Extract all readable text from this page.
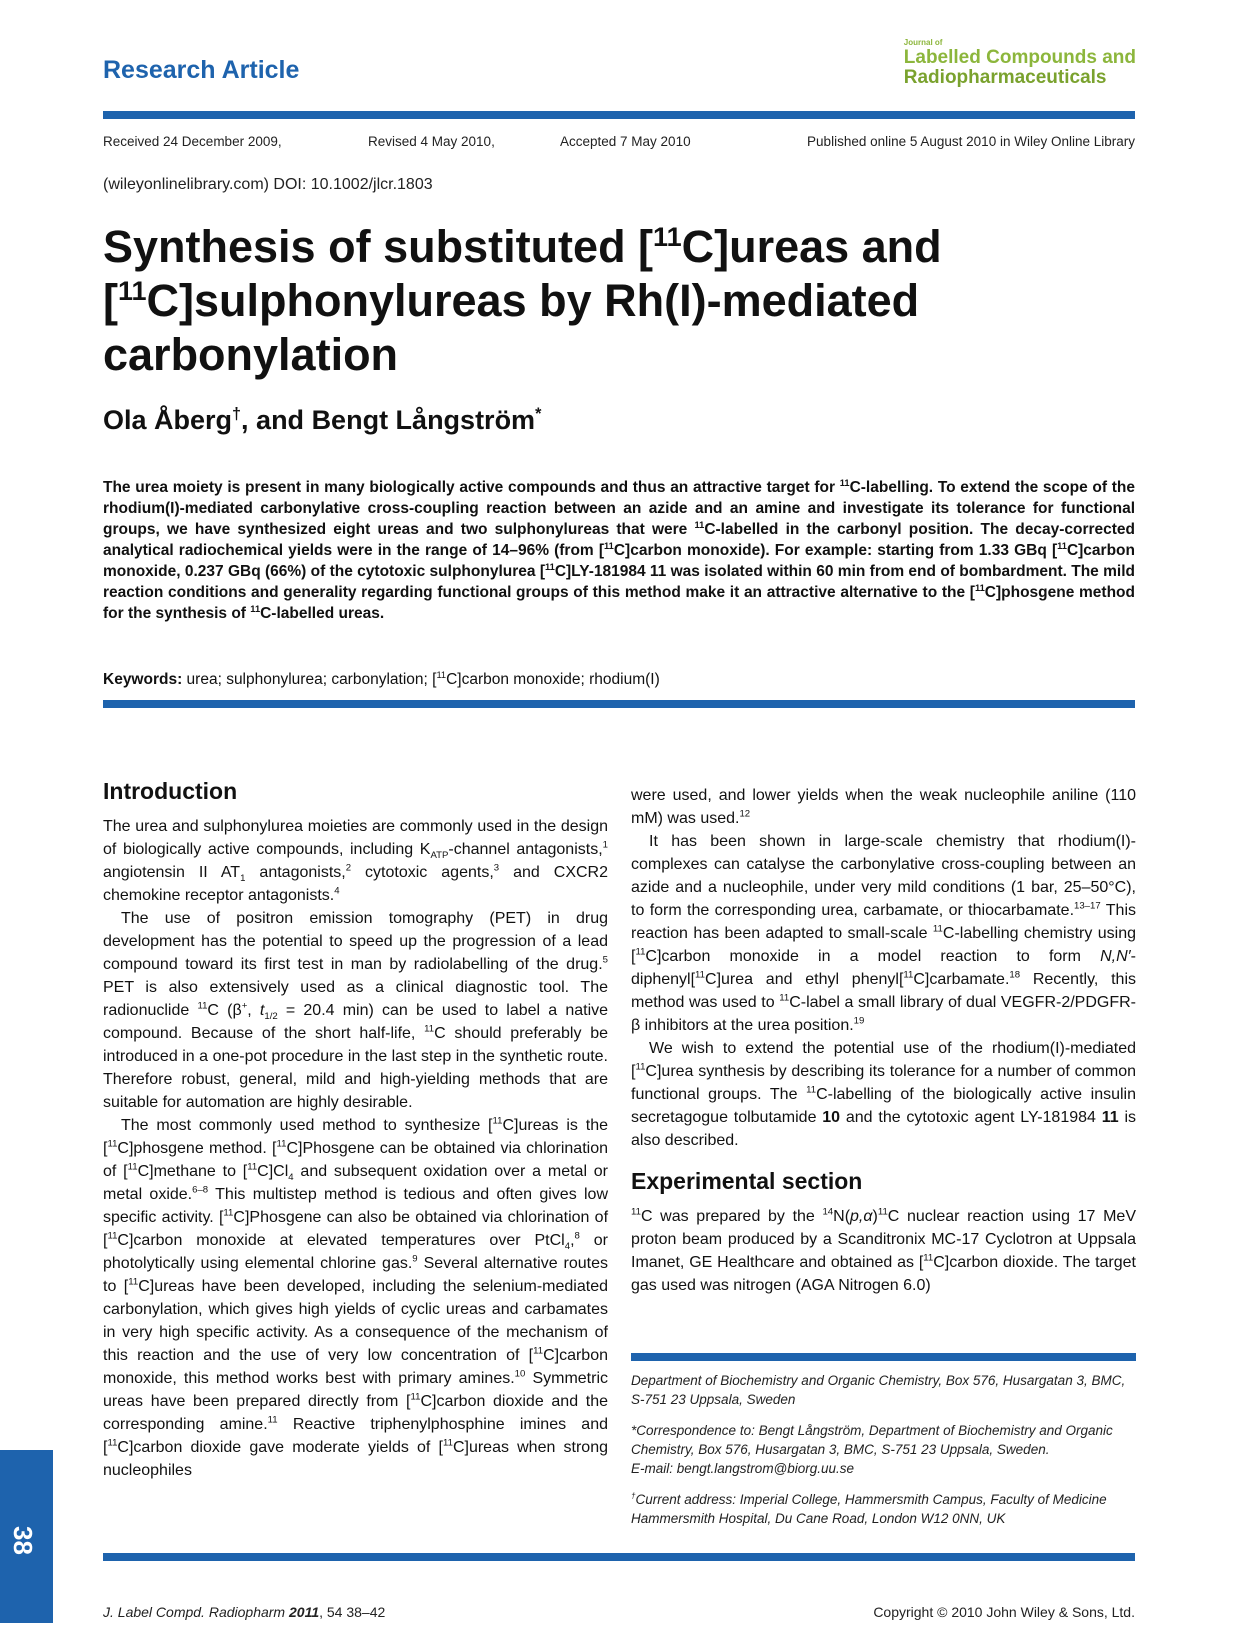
Research Article
Journal of
Labelled Compounds and
Radiopharmaceuticals
Received 24 December 2009,	Revised 4 May 2010,	Accepted 7 May 2010	Published online 5 August 2010 in Wiley Online Library
(wileyonlinelibrary.com) DOI: 10.1002/jlcr.1803
Synthesis of substituted [$^{11}$C]ureas and
[$^{11}$C]sulphonylureas by Rh(I)-mediated carbonylation
Ola Åberg†, and Bengt Långström*
The urea moiety is present in many biologically active compounds and thus an attractive target for $^{11}$C-labelling. To extend the scope of the rhodium(I)-mediated carbonylative cross-coupling reaction between an azide and an amine and investigate its tolerance for functional groups, we have synthesized eight ureas and two sulphonylureas that were $^{11}$C-labelled in the carbonyl position. The decay-corrected analytical radiochemical yields were in the range of 14–96% (from [$^{11}$C]carbon monoxide). For example: starting from 1.33 GBq [$^{11}$C]carbon monoxide, 0.237 GBq (66%) of the cytotoxic sulphonylurea [$^{11}$C]LY-181984 11 was isolated within 60 min from end of bombardment. The mild reaction conditions and generality regarding functional groups of this method make it an attractive alternative to the [$^{11}$C]phosgene method for the synthesis of $^{11}$C-labelled ureas.
Keywords: urea; sulphonylurea; carbonylation; [$^{11}$C]carbon monoxide; rhodium(I)
Introduction

The urea and sulphonylurea moieties are commonly used in the design of biologically active compounds, including $K_{ATP}$-channel antagonists,$^1$ angiotensin II $AT_1$ antagonists,$^2$ cytotoxic agents,$^3$ and CXCR2 chemokine receptor antagonists.$^4$

The use of positron emission tomography (PET) in drug development has the potential to speed up the progression of a lead compound toward its first test in man by radiolabelling of the drug.$^5$ PET is also extensively used as a clinical diagnostic tool. The radionuclide $^{11}$C (β+, $t_{1/2} = 20.4$ min) can be used to label a native compound. Because of the short half-life, $^{11}$C should preferably be introduced in a one-pot procedure in the last step in the synthetic route. Therefore robust, general, mild and high-yielding methods that are suitable for automation are highly desirable.

The most commonly used method to synthesize [$^{11}$C]ureas is the [$^{11}$C]phosgene method. [$^{11}$C]Phosgene can be obtained via chlorination of [$^{11}$C]methane to $[^{11}C]Cl_4$ and subsequent oxidation over a metal or metal oxide.$^{6-8}$ This multistep method is tedious and often gives low specific activity. [$^{11}$C]Phosgene can also be obtained via chlorination of [$^{11}$C]carbon monoxide at elevated temperatures over PtCl$_4$,$^8$ or photolytically using elemental chlorine gas.$^9$ Several alternative routes to [$^{11}$C]ureas have been developed, including the selenium-mediated carbonylation, which gives high yields of cyclic ureas and carbamates in very high specific activity. As a consequence of the mechanism of this reaction and the use of very low concentration of [$^{11}$C]carbon monoxide, this method works best with primary amines.$^{10}$ Symmetric ureas have been prepared directly from [$^{11}$C]carbon dioxide and the corresponding amine.$^{11}$ Reactive triphenylphosphine imines and [$^{11}$C]carbon dioxide gave moderate yields of [$^{11}$C]ureas when strong nucleophiles

were used, and lower yields when the weak nucleophile aniline (110 mM) was used.$^{12}$

It has been shown in large-scale chemistry that rhodium(I)-complexes can catalyse the carbonylative cross-coupling between an azide and a nucleophile, under very mild conditions (1 bar, 25–50°C), to form the corresponding urea, carbamate, or thiocarbamate.$^{13-17}$ This reaction has been adapted to small-scale $^{11}$C-labelling chemistry using [$^{11}$C]carbon monoxide in a model reaction to form N,N′-diphenyl[$^{11}$C]urea and ethyl phenyl[$^{11}$C]carbamate.$^{18}$ Recently, this method was used to $^{11}$C-label a small library of dual VEGFR-2/PDGFR-β inhibitors at the urea position.$^{19}$

We wish to extend the potential use of the rhodium(I)-mediated [$^{11}$C]urea synthesis by describing its tolerance for a number of common functional groups. The $^{11}$C-labelling of the biologically active insulin secretagogue tolbutamide 10 and the cytotoxic agent LY-181984 11 is also described.

Experimental section

$^{11}$C was prepared by the $^{14}N(p,\alpha)^{11}C$ nuclear reaction using 17 MeV proton beam produced by a Scanditronix MC-17 Cyclotron at Uppsala Imanet, GE Healthcare and obtained as [$^{11}$C]carbon dioxide. The target gas used was nitrogen (AGA Nitrogen 6.0)

Department of Biochemistry and Organic Chemistry, Box 576, Husargatan 3, BMC, S-751 23 Uppsala, Sweden

*Correspondence to: Bengt Långström, Department of Biochemistry and Organic Chemistry, Box 576, Husargatan 3, BMC, S-751 23 Uppsala, Sweden.
E-mail: bengt.langstrom@biorg.uu.se

†Current address: Imperial College, Hammersmith Campus, Faculty of Medicine Hammersmith Hospital, Du Cane Road, London W12 0NN, UK

J. Label Compd. Radiopharm 2011, 54 38–42	Copyright © 2010 John Wiley & Sons, Ltd.
38
